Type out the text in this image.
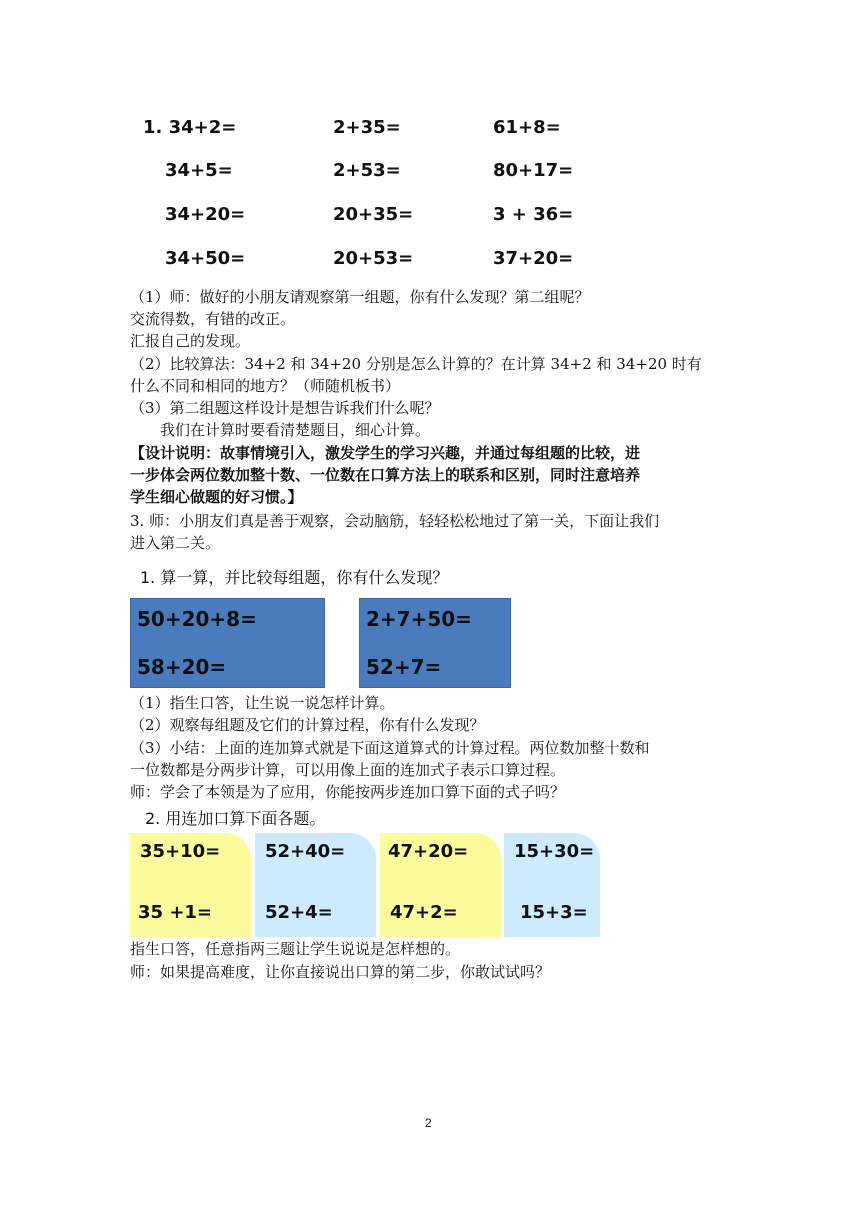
1. 34+2=	2+35=	61+8=
34+5=	2+53=	80+17=
34+20=	20+35=	3 + 36=
34+50=	20+53=	37+20=
（1）师：做好的小朋友请观察第一组题，你有什么发现？第二组呢？
交流得数，有错的改正。
汇报自己的发现。
（2）比较算法：34+2 和 34+20 分别是怎么计算的？在计算 34+2 和 34+20 时有
什么不同和相同的地方？（师随机板书）
（3）第二组题这样设计是想告诉我们什么呢？
　　我们在计算时要看清楚题目，细心计算。
【设计说明：故事情境引入，激发学生的学习兴趣，并通过每组题的比较，进
一步体会两位数加整十数、一位数在口算方法上的联系和区别，同时注意培养
学生细心做题的好习惯。】
3. 师：小朋友们真是善于观察，会动脑筋，轻轻松松地过了第一关，下面让我们
进入第二关。
1. 算一算，并比较每组题，你有什么发现？
50+20+8=
58+20=
2+7+50=
52+7=
（1）指生口答，让生说一说怎样计算。
（2）观察每组题及它们的计算过程，你有什么发现？
（3）小结：上面的连加算式就是下面这道算式的计算过程。两位数加整十数和
一位数都是分两步计算，可以用像上面的连加式子表示口算过程。
师：学会了本领是为了应用，你能按两步连加口算下面的式子吗？
2. 用连加口算下面各题。
35+10=
35 +1=
52+40=
52+4=
47+20=
47+2=
15+30=
15+3=
指生口答，任意指两三题让学生说说是怎样想的。
师：如果提高难度，让你直接说出口算的第二步，你敢试试吗？
2
